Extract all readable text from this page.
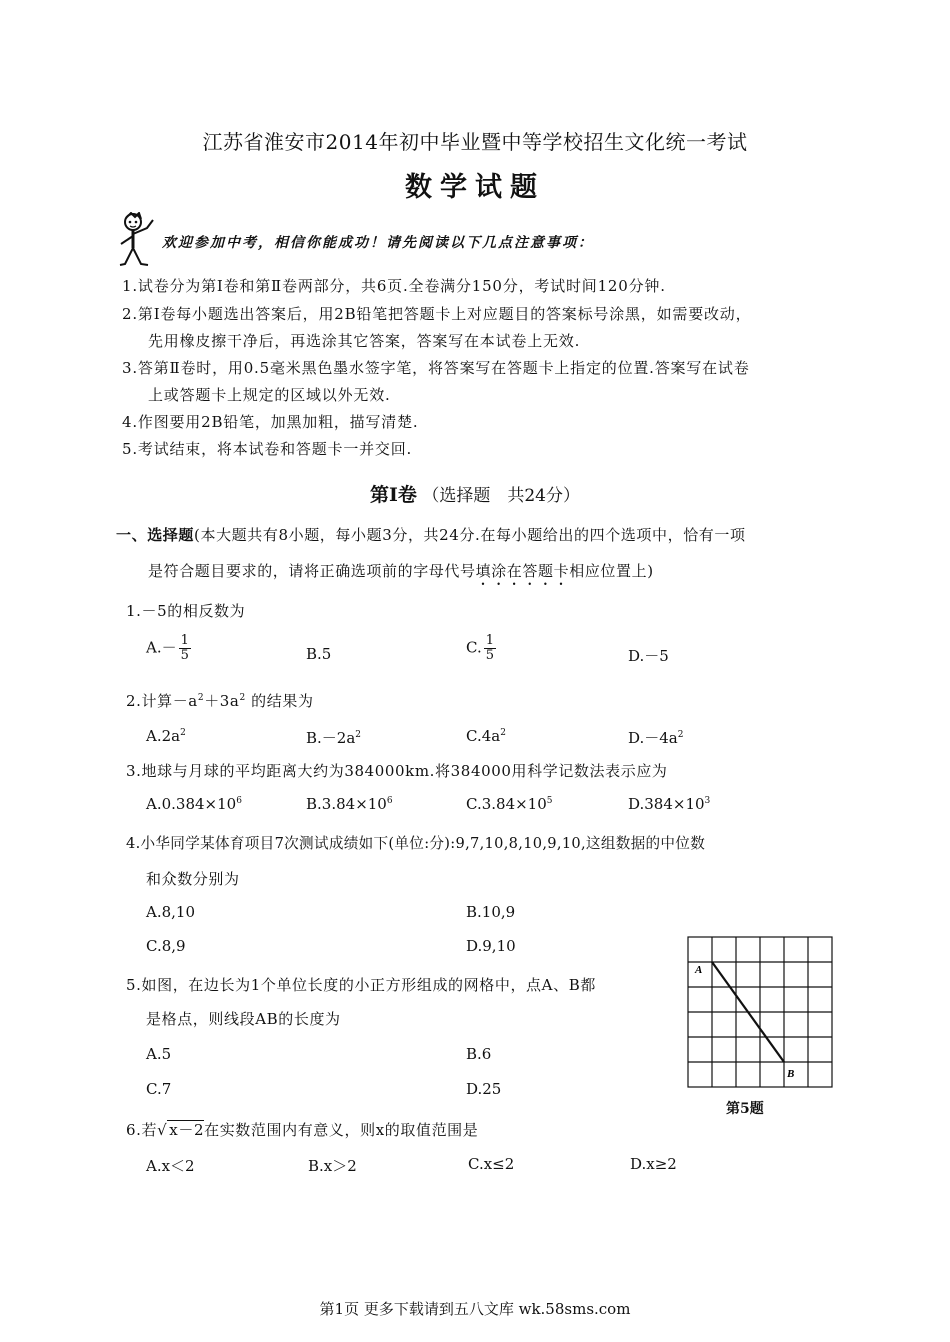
江苏省淮安市2014年初中毕业暨中等学校招生文化统一考试
数学试题
欢迎参加中考，相信你能成功！请先阅读以下几点注意事项：
1.试卷分为第Ⅰ卷和第Ⅱ卷两部分，共6页.全卷满分150分，考试时间120分钟.
2.第Ⅰ卷每小题选出答案后，用2B铅笔把答题卡上对应题目的答案标号涂黑，如需要改动，
先用橡皮擦干净后，再选涂其它答案，答案写在本试卷上无效.
3.答第Ⅱ卷时，用0.5毫米黑色墨水签字笔，将答案写在答题卡上指定的位置.答案写在试卷
上或答题卡上规定的区域以外无效.
4.作图要用2B铅笔，加黑加粗，描写清楚.
5.考试结束，将本试卷和答题卡一并交回.
第Ⅰ卷 （选择题　共24分）
一、选择题(本大题共有8小题，每小题3分，共24分.在每小题给出的四个选项中，恰有一项
是符合题目要求的，请将正确选项前的字母代号填涂在答题卡相应位置上)
1.－5的相反数为
$A.- \frac{1}{5}$	B.5	C. $\frac{1}{5}$	D.－5
2.计算$-a^2+3a^2$ 的结果为
$A.2a^2$	$B.-2a^2$	$C.4a^2$	$D.-4a^2$
3.地球与月球的平均距离大约为384000km.将384000用科学记数法表示应为
$A.0.384\times 10^6$	$B.3.84\times 10^6$	$C.3.84\times 10^5$	$D.384\times 10^3$
4.小华同学某体育项目7次测试成绩如下(单位:分):9,7,10,8,10,9,10,这组数据的中位数
和众数分别为
A.8,10	B.10,9
C.8,9	D.9,10
5.如图，在边长为1个单位长度的小正方形组成的网格中，点A、B都
是格点，则线段AB的长度为
A.5	B.6
C.7	D.25
A
B
第5题
6.若√ x－2在实数范围内有意义，则x的取值范围是
A.x＜2	B.x＞2	C.x≤2	D.x≥2
第1页 更多下载请到五八文库 wk.58sms.com
